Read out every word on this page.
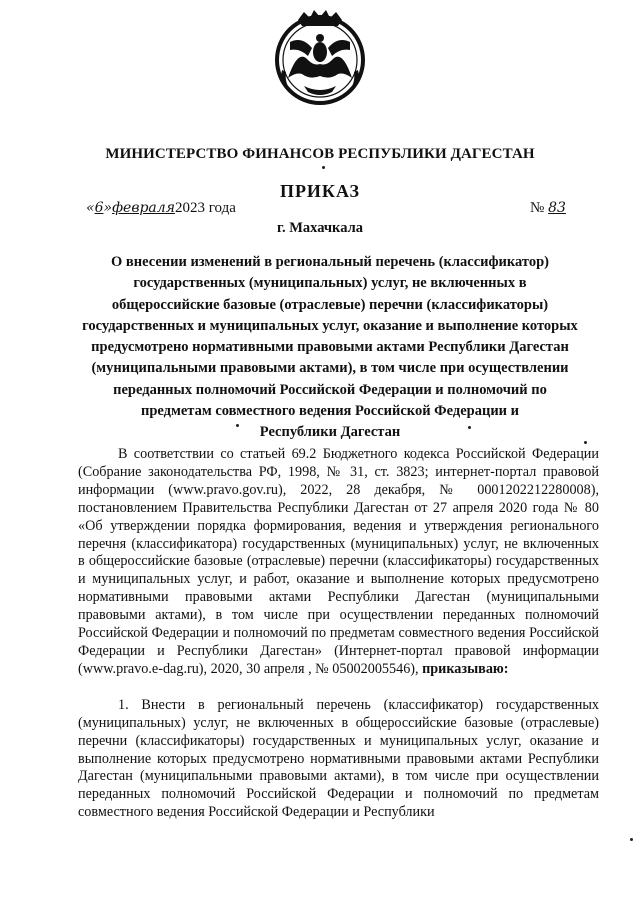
МИНИСТЕРСТВО ФИНАНСОВ РЕСПУБЛИКИ ДАГЕСТАН
ПРИКАЗ
«6»февраля2023 года	№ 83
г. Махачкала
О внесении изменений в региональный перечень (классификатор)
государственных (муниципальных) услуг, не включенных в
общероссийские базовые (отраслевые) перечни (классификаторы)
государственных и муниципальных услуг, оказание и выполнение которых
предусмотрено нормативными правовыми актами Республики Дагестан
(муниципальными правовыми актами), в том числе при осуществлении
переданных полномочий Российской Федерации и полномочий по
предметам совместного ведения Российской Федерации и
Республики Дагестан

В соответствии со статьей 69.2 Бюджетного кодекса Российской Федерации (Собрание законодательства РФ, 1998, № 31, ст. 3823; интернет-портал правовой информации (www.pravo.gov.ru), 2022, 28 декабря, № 0001202212280008), постановлением Правительства Республики Дагестан от 27 апреля 2020 года № 80 «Об утверждении порядка формирования, ведения и утверждения регионального перечня (классификатора) государственных (муниципальных) услуг, не включенных в общероссийские базовые (отраслевые) перечни (классификаторы) государственных и муниципальных услуг, и работ, оказание и выполнение которых предусмотрено нормативными правовыми актами Республики Дагестан (муниципальными правовыми актами), в том числе при осуществлении переданных полномочий Российской Федерации и полномочий по предметам совместного ведения Российской Федерации и Республики Дагестан» (Интернет-портал правовой информации (www.pravo.e-dag.ru), 2020, 30 апреля , № 05002005546), приказываю:

1. Внести в региональный перечень (классификатор) государственных (муниципальных) услуг, не включенных в общероссийские базовые (отраслевые) перечни (классификаторы) государственных и муниципальных услуг, оказание и выполнение которых предусмотрено нормативными правовыми актами Республики Дагестан (муниципальными правовыми актами), в том числе при осуществлении переданных полномочий Российской Федерации и полномочий по предметам совместного ведения Российской Федерации и Республики
